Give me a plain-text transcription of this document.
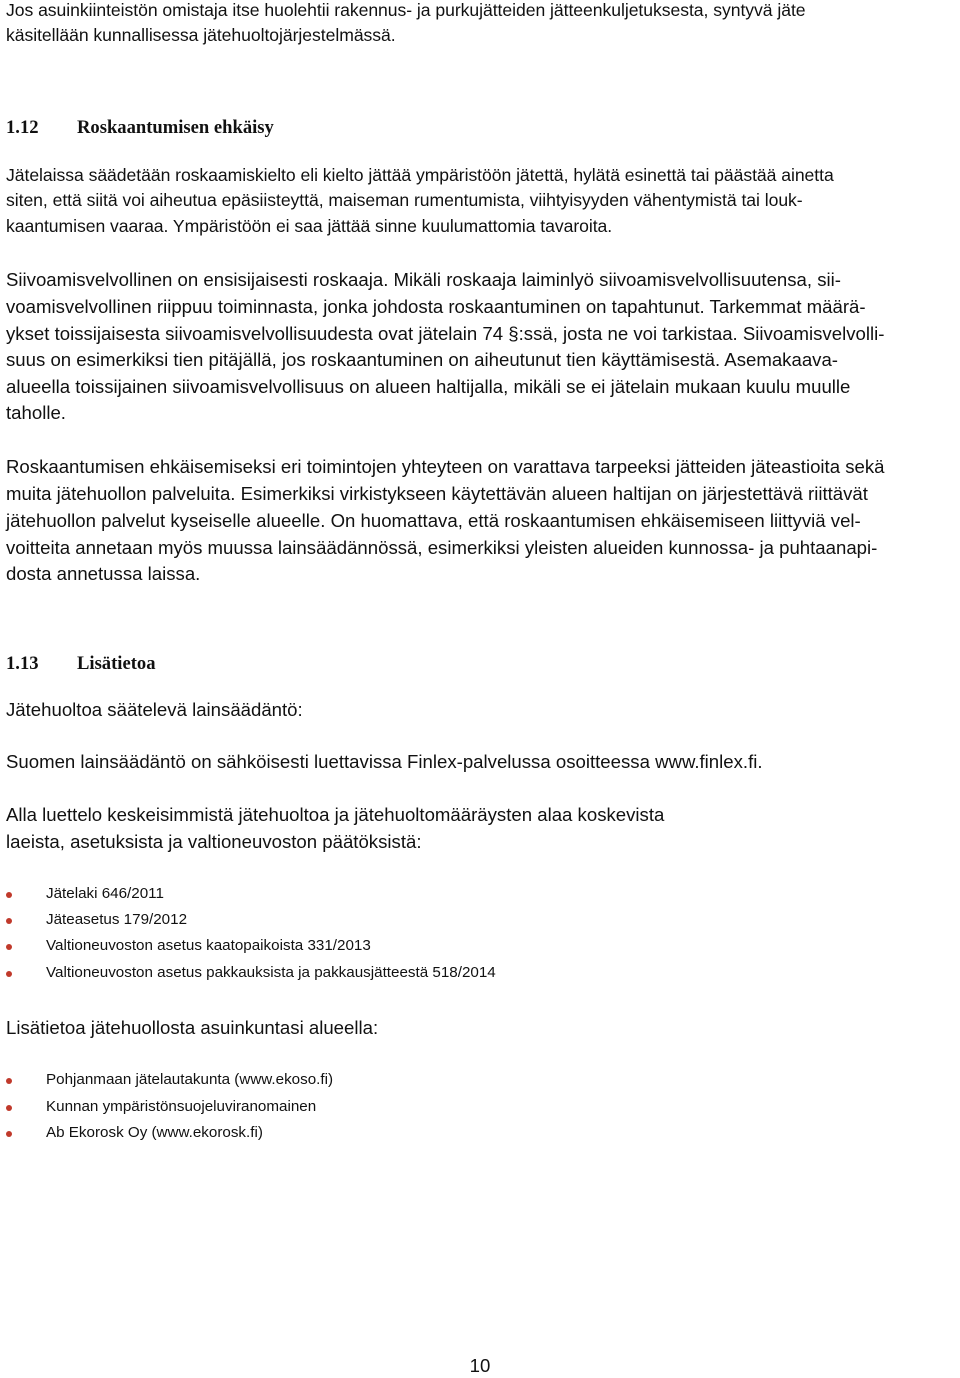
Jos asuinkiinteistön omistaja itse huolehtii rakennus- ja purkujätteiden jätteenkuljetuksesta, syntyvä jäte
käsitellään kunnallisessa jätehuoltojärjestelmässä.
1.12 Roskaantumisen ehkäisy
Jätelaissa säädetään roskaamiskielto eli kielto jättää ympäristöön jätettä, hylätä esinettä tai päästää ainetta
siten, että siitä voi aiheutua epäsiisteyttä, maiseman rumentumista, viihtyisyyden vähentymistä tai louk-
kaantumisen vaaraa. Ympäristöön ei saa jättää sinne kuulumattomia tavaroita.
Siivoamisvelvollinen on ensisijaisesti roskaaja. Mikäli roskaaja laiminlyö siivoamisvelvollisuutensa, sii-
voamisvelvollinen riippuu toiminnasta, jonka johdosta roskaantuminen on tapahtunut. Tarkemmat määrä-
ykset toissijaisesta siivoamisvelvollisuudesta ovat jätelain 74 §:ssä, josta ne voi tarkistaa. Siivoamisvelvolli-
suus on esimerkiksi tien pitäjällä, jos roskaantuminen on aiheutunut tien käyttämisestä. Asemakaava-
alueella toissijainen siivoamisvelvollisuus on alueen haltijalla, mikäli se ei jätelain mukaan kuulu muulle
taholle.
Roskaantumisen ehkäisemiseksi eri toimintojen yhteyteen on varattava tarpeeksi jätteiden jäteastioita sekä
muita jätehuollon palveluita. Esimerkiksi virkistykseen käytettävän alueen haltijan on järjestettävä riittävät
jätehuollon palvelut kyseiselle alueelle. On huomattava, että roskaantumisen ehkäisemiseen liittyviä vel-
voitteita annetaan myös muussa lainsäädännössä, esimerkiksi yleisten alueiden kunnossa- ja puhtaanapi-
dosta annetussa laissa.
1.13 Lisätietoa
Jätehuoltoa säätelevä lainsäädäntö:
Suomen lainsäädäntö on sähköisesti luettavissa Finlex-palvelussa osoitteessa www.finlex.fi.
Alla luettelo keskeisimmistä jätehuoltoa ja jätehuoltomääräysten alaa koskevista
laeista, asetuksista ja valtioneuvoston päätöksistä:
Jätelaki 646/2011
Jäteasetus 179/2012
Valtioneuvoston asetus kaatopaikoista 331/2013
Valtioneuvoston asetus pakkauksista ja pakkausjätteestä 518/2014
Lisätietoa jätehuollosta asuinkuntasi alueella:
Pohjanmaan jätelautakunta (www.ekoso.fi)
Kunnan ympäristönsuojeluviranomainen
Ab Ekorosk Oy (www.ekorosk.fi)
10
